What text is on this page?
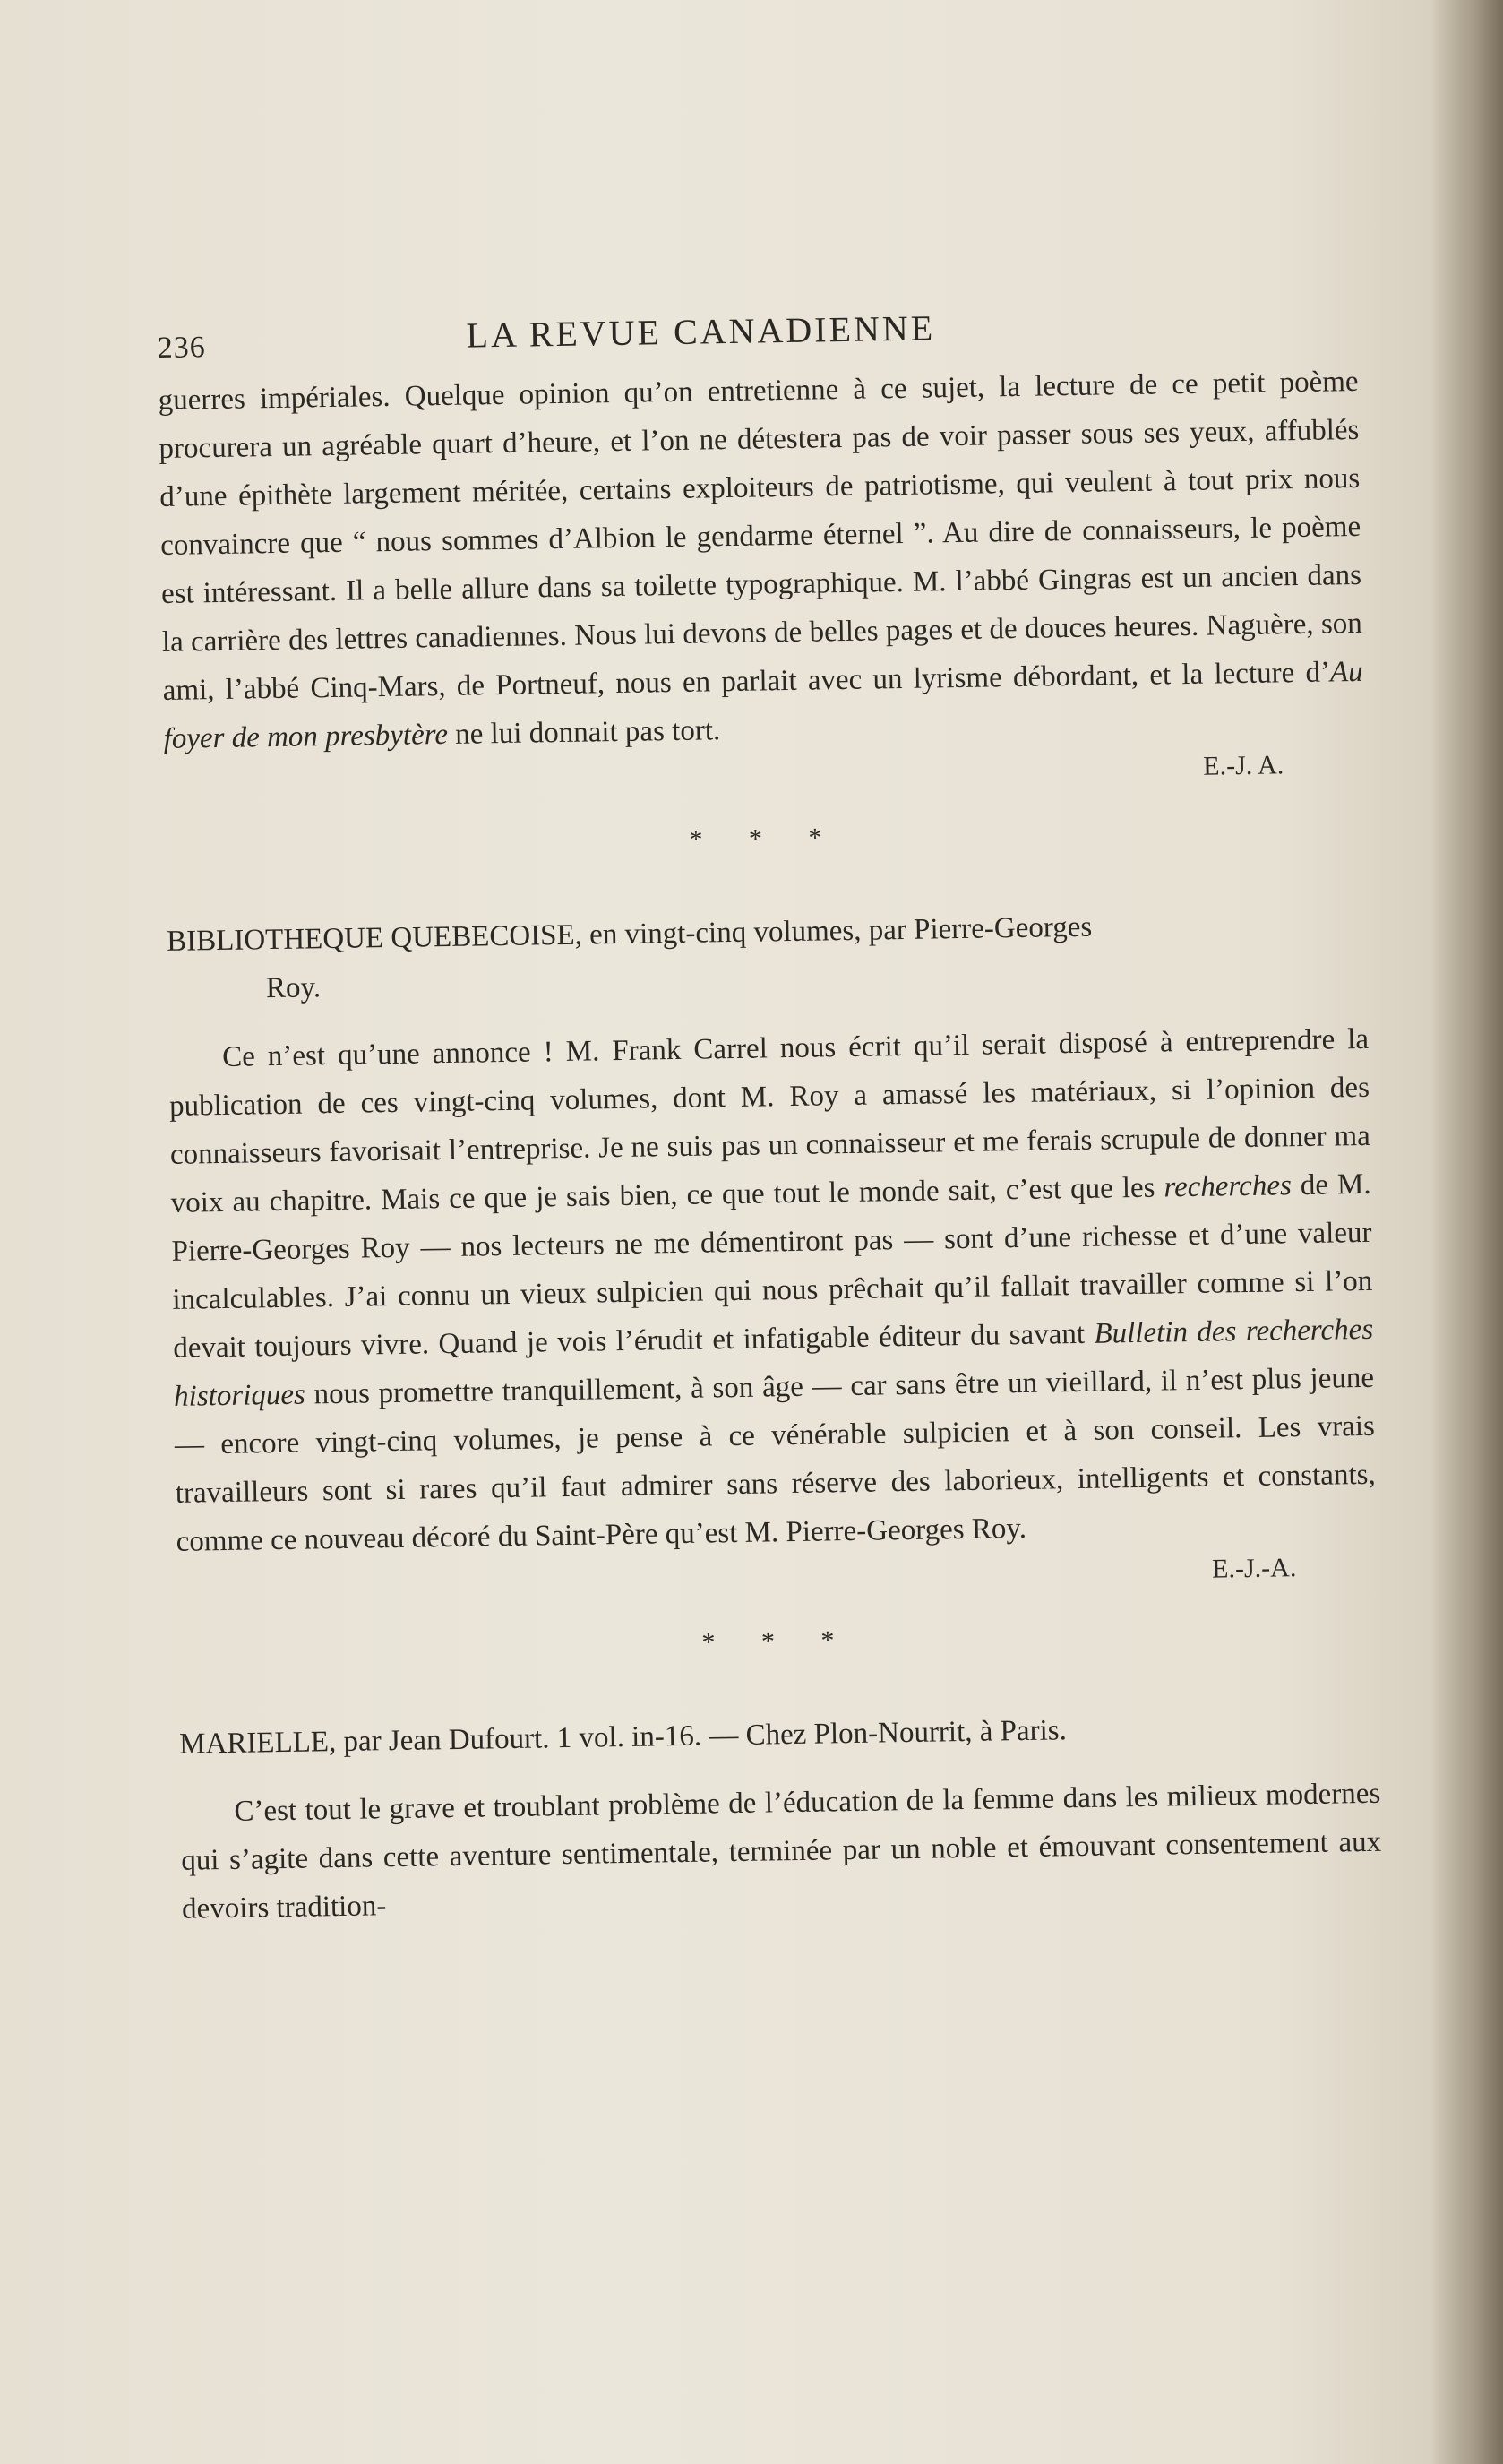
236	LA REVUE CANADIENNE

guerres impériales. Quelque opinion qu’on entretienne à ce sujet, la lecture de ce petit poème procurera un agréable quart d’heure, et l’on ne détestera pas de voir passer sous ses yeux, affublés d’une épithète largement méritée, certains exploiteurs de patriotisme, qui veulent à tout prix nous convaincre que “ nous sommes d’Albion le gendarme éternel ”. Au dire de connaisseurs, le poème est intéressant. Il a belle allure dans sa toilette typographique. M. l’abbé Gingras est un ancien dans la carrière des lettres canadiennes. Nous lui devons de belles pages et de douces heures. Naguère, son ami, l’abbé Cinq-Mars, de Portneuf, nous en parlait avec un lyrisme débordant, et la lecture d’Au foyer de mon presbytère ne lui donnait pas tort.

E.-J. A.
* * *
BIBLIOTHEQUE QUEBECOISE, en vingt-cinq volumes, par Pierre-Georges
Roy.

Ce n’est qu’une annonce ! M. Frank Carrel nous écrit qu’il serait disposé à entreprendre la publication de ces vingt-cinq volumes, dont M. Roy a amassé les matériaux, si l’opinion des connaisseurs favorisait l’entreprise. Je ne suis pas un connaisseur et me ferais scrupule de donner ma voix au chapitre. Mais ce que je sais bien, ce que tout le monde sait, c’est que les recherches de M. Pierre-Georges Roy — nos lecteurs ne me démentiront pas — sont d’une richesse et d’une valeur incalculables. J’ai connu un vieux sulpicien qui nous prêchait qu’il fallait travailler comme si l’on devait toujours vivre. Quand je vois l’érudit et infatigable éditeur du savant Bulletin des recherches historiques nous promettre tranquillement, à son âge — car sans être un vieillard, il n’est plus jeune — encore vingt-cinq volumes, je pense à ce vénérable sulpicien et à son conseil. Les vrais travailleurs sont si rares qu’il faut admirer sans réserve des laborieux, intelligents et constants, comme ce nouveau décoré du Saint-Père qu’est M. Pierre-Georges Roy.

E.-J.-A.
* * *
MARIELLE, par Jean Dufourt. 1 vol. in-16. — Chez Plon-Nourrit, à Paris.

C’est tout le grave et troublant problème de l’éducation de la femme dans les milieux modernes qui s’agite dans cette aventure sentimentale, terminée par un noble et émouvant consentement aux devoirs tradition-
